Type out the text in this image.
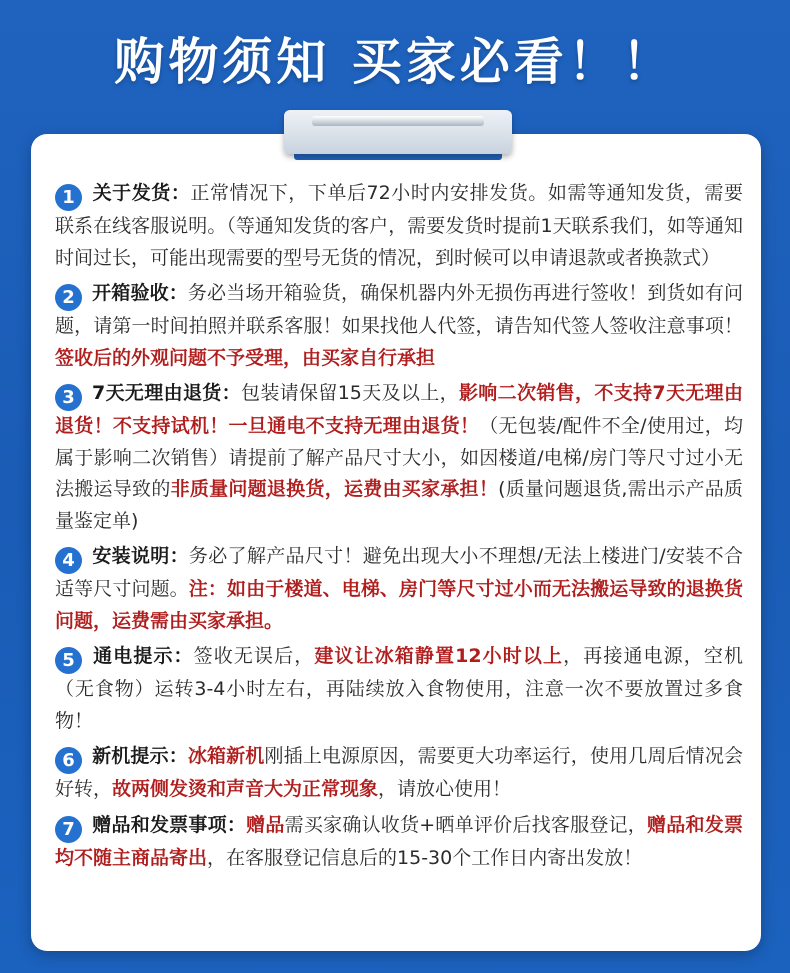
购物须知 买家必看！！
1 关于发货：正常情况下，下单后72小时内安排发货。如需等通知发货，需要联系在线客服说明。（等通知发货的客户，需要发货时提前1天联系我们，如等通知时间过长，可能出现需要的型号无货的情况，到时候可以申请退款或者换款式）
2 开箱验收：务必当场开箱验货，确保机器内外无损伤再进行签收！到货如有问题，请第一时间拍照并联系客服！如果找他人代签，请告知代签人签收注意事项！签收后的外观问题不予受理，由买家自行承担
3 7天无理由退货：包装请保留15天及以上，影响二次销售，不支持7天无理由退货！不支持试机！一旦通电不支持无理由退货！（无包装/配件不全/使用过，均属于影响二次销售）请提前了解产品尺寸大小，如因楼道/电梯/房门等尺寸过小无法搬运导致的非质量问题退换货，运费由买家承担！(质量问题退货,需出示产品质量鉴定单)
4 安装说明：务必了解产品尺寸！避免出现大小不理想/无法上楼进门/安装不合适等尺寸问题。注：如由于楼道、电梯、房门等尺寸过小而无法搬运导致的退换货问题，运费需由买家承担。
5 通电提示：签收无误后，建议让冰箱静置12小时以上，再接通电源，空机（无食物）运转3-4小时左右，再陆续放入食物使用，注意一次不要放置过多食物！
6 新机提示：冰箱新机刚插上电源原因，需要更大功率运行，使用几周后情况会好转，故两侧发烫和声音大为正常现象，请放心使用！
7 赠品和发票事项：赠品需买家确认收货+晒单评价后找客服登记，赠品和发票均不随主商品寄出，在客服登记信息后的15-30个工作日内寄出发放！
